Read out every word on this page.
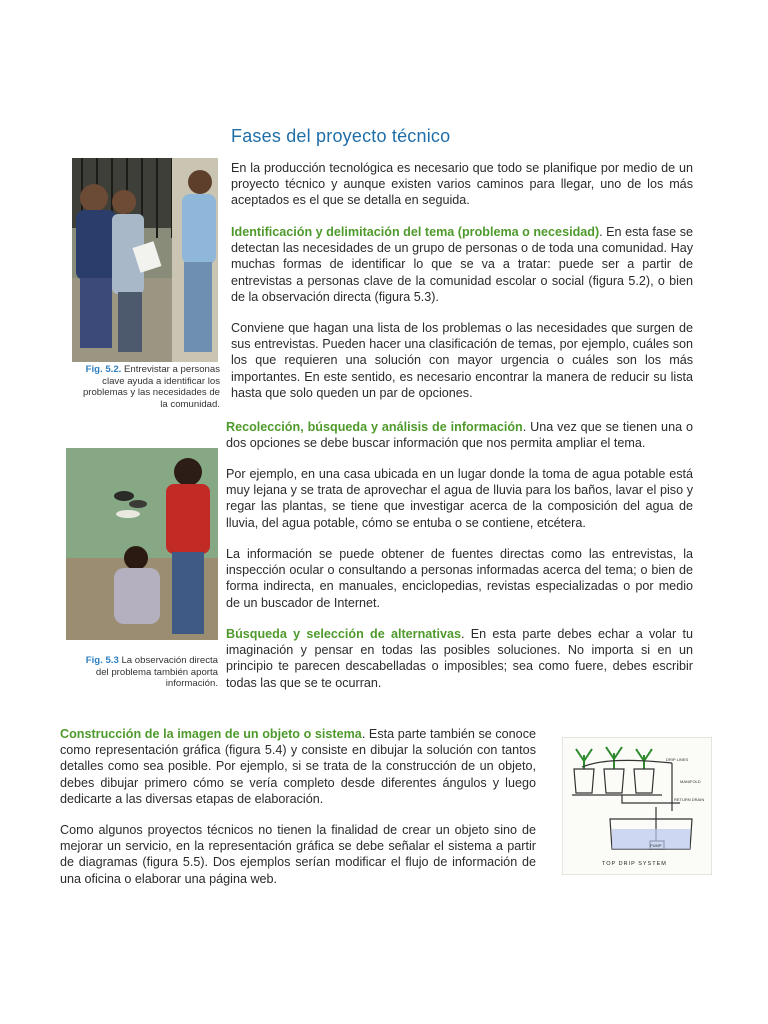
Fases del proyecto técnico
Fig. 5.2. Entrevistar a personas clave ayuda a identificar los problemas y las necesidades de la comunidad.
Fig. 5.3 La observación directa del problema también aporta información.

En la producción tecnológica es necesario que todo se planifique por medio de un proyecto técnico y aunque existen varios caminos para llegar, uno de los más aceptados es el que se detalla en seguida.

Identificación y delimitación del tema (problema o necesidad). En esta fase se detectan las necesidades de un grupo de personas o de toda una comunidad. Hay muchas formas de identificar lo que se va a tratar: puede ser a partir de entrevistas a personas clave de la comunidad escolar o social (figura 5.2), o bien de la observación directa (figura 5.3).

Conviene que hagan una lista de los problemas o las necesidades que surgen de sus entrevistas. Pueden hacer una clasificación de temas, por ejemplo, cuáles son los que requieren una solución con mayor urgencia o cuáles son los más importantes. En este sentido, es necesario encontrar la manera de reducir su lista hasta que solo queden un par de opciones.

Recolección, búsqueda y análisis de información. Una vez que se tienen una o dos opciones se debe buscar información que nos permita ampliar el tema.

Por ejemplo, en una casa ubicada en un lugar donde la toma de agua potable está muy lejana y se trata de aprovechar el agua de lluvia para los baños, lavar el piso y regar las plantas, se tiene que investigar acerca de la composición del agua de lluvia, del agua potable, cómo se entuba o se contiene, etcétera.

La información se puede obtener de fuentes directas como las entrevistas, la inspección ocular o consultando a personas informadas acerca del tema; o bien de forma indirecta, en manuales, enciclopedias, revistas especializadas o por medio de un buscador de Internet.

Búsqueda y selección de alternativas. En esta parte debes echar a volar tu imaginación y pensar en todas las posibles soluciones. No importa si en un principio te parecen descabelladas o imposibles; sea como fuere, debes escribir todas las que se te ocurran.

Construcción de la imagen de un objeto o sistema. Esta parte también se conoce como representación gráfica (figura 5.4) y consiste en dibujar la solución con tantos detalles como sea posible. Por ejemplo, si se trata de la construcción de un objeto, debes dibujar primero cómo se vería completo desde diferentes ángulos y luego dedicarte a las diversas etapas de elaboración.

Como algunos proyectos técnicos no tienen la finalidad de crear un objeto sino de mejorar un servicio, en la representación gráfica se debe señalar el sistema a partir de diagramas (figura 5.5). Dos ejemplos serían modificar el flujo de información de una oficina o elaborar una página web.

DRIP LINES
MANIFOLD
RETURN DRAIN
PUMP
TOP DRIP SYSTEM
